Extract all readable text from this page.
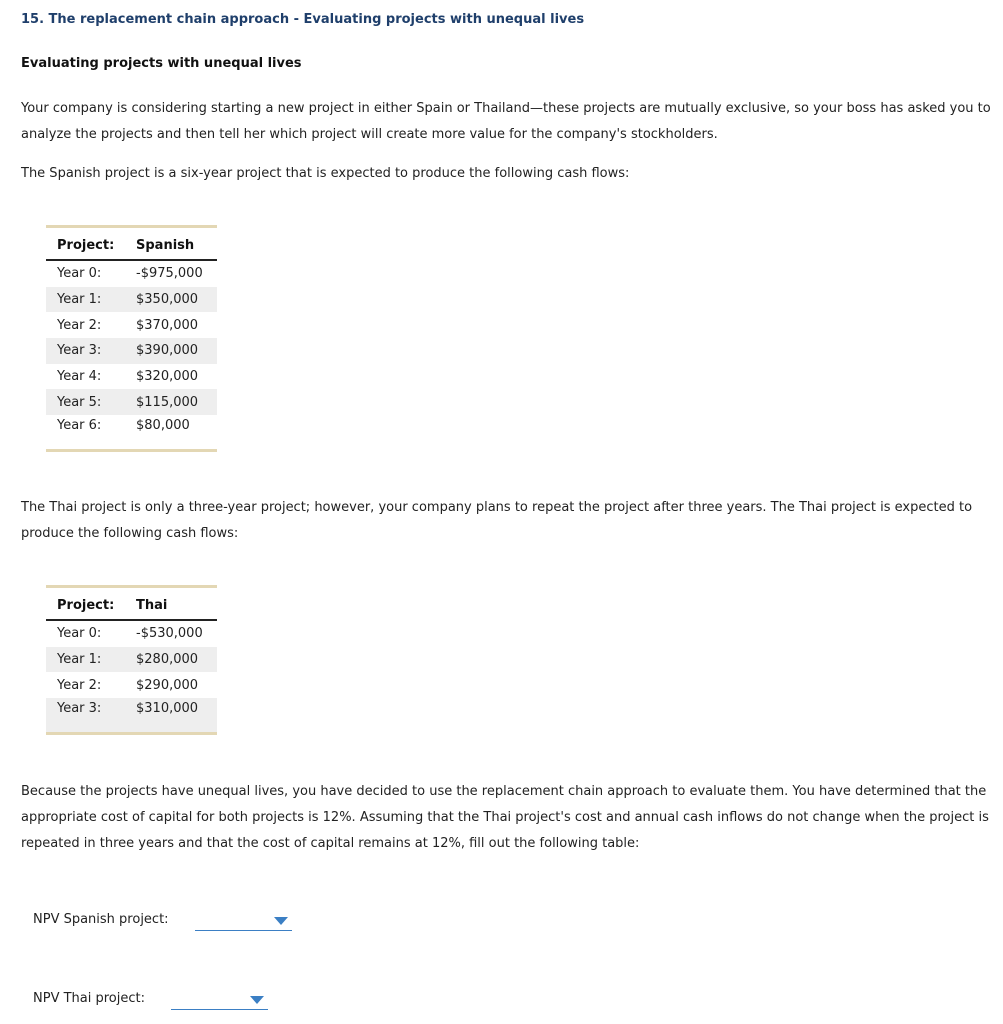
15. The replacement chain approach - Evaluating projects with unequal lives
Evaluating projects with unequal lives

Your company is considering starting a new project in either Spain or Thailand—these projects are mutually exclusive, so your boss has asked you to analyze the projects and then tell her which project will create more value for the company's stockholders.

The Spanish project is a six-year project that is expected to produce the following cash flows:

Project:	Spanish
Year 0:	-$975,000
Year 1:	$350,000
Year 2:	$370,000
Year 3:	$390,000
Year 4:	$320,000
Year 5:	$115,000
Year 6:	$80,000

The Thai project is only a three-year project; however, your company plans to repeat the project after three years. The Thai project is expected to produce the following cash flows:

Project:	Thai
Year 0:	-$530,000
Year 1:	$280,000
Year 2:	$290,000
Year 3:	$310,000

Because the projects have unequal lives, you have decided to use the replacement chain approach to evaluate them. You have determined that the appropriate cost of capital for both projects is 12%. Assuming that the Thai project's cost and annual cash inflows do not change when the project is repeated in three years and that the cost of capital remains at 12%, fill out the following table:

NPV Spanish project:
NPV Thai project:
